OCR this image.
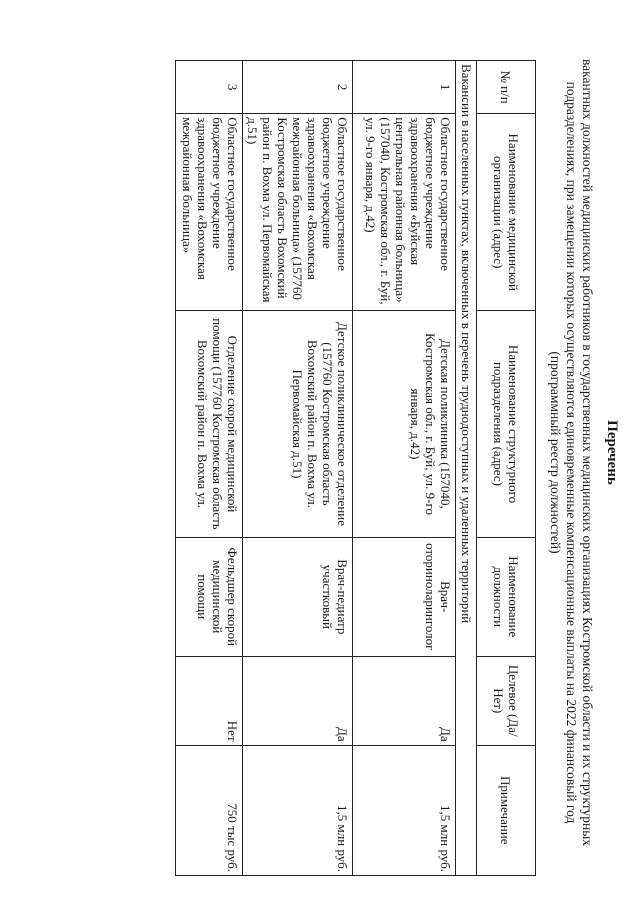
Перечень
вакантных должностей медицинских работников в государственных медицинских организациях Костромской области и их структурных подразделениях, при замещении которых осуществляются единовременные компенсационные выплаты на 2022 финансовый год (программный реестр должностей)
№ п/п	Наименование медицинской организации (адрес)	Наименование структурного подразделения (адрес)	Наименование должности	Целевое (Да/Нет)	Примечание
Вакансии в населенных пунктах, включенных в перечень труднодоступных и удаленных территорий					
1	Областное государственное бюджетное учреждение здравоохранения «Буйская центральная районная больница» (157040, Костромская обл., г. Буй, ул. 9-го января, д.42)	Детская поликлиника (157040, Костромская обл., г. Буй, ул. 9-го января, д.42)	Врач-оториноларинголог	Да	1,5 млн руб.
2	Областное государственное бюджетное учреждение здравоохранения «Вохомская межрайонная больница» (157760 Костромская область Вохомский район п. Вохма ул. Первомайская д.51)	Детское поликлиническое отделение (157760 Костромская область Вохомский район п. Вохма ул. Первомайская д.51)	Врач-педиатр участковый	Да	1,5 млн руб.
3	Областное государственное бюджетное учреждение здравоохранения «Вохомская межрайонная больница»	Отделение скорой медицинской помощи (157760 Костромская область Вохомский район п. Вохма ул.	Фельдшер скорой медицинской помощи	Нет	750 тыс руб.
